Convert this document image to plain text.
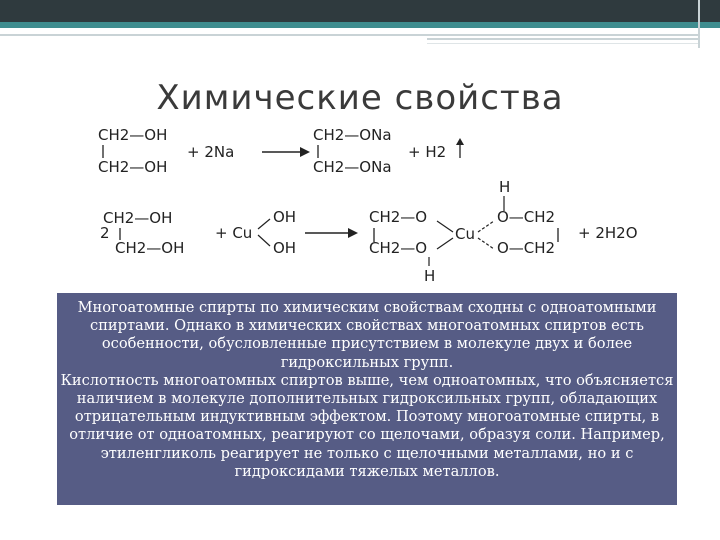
Химические свойства
CH2—OH
CH2—OH
+ 2Na
CH2—ONa
CH2—ONa
+ H2
CH2—OH
2
CH2—OH
+ Cu
OH
OH
CH2—O
CH2—O
Cu
H
O—CH2
O—CH2
H
+ 2H2O

Многоатомные спирты по химическим свойствам сходны с одноатомными спиртами. Однако в химических свойствах многоатомных спиртов есть особенности, обусловленные присутствием в молекуле двух и более гидроксильных групп.

Кислотность многоатомных спиртов выше, чем одноатомных, что объясняется наличием в молекуле дополнительных гидроксильных групп, обладающих отрицательным индуктивным эффектом. Поэтому многоатомные спирты, в отличие от одноатомных, реагируют со щелочами, образуя соли. Например, этиленгликоль реагирует не только с щелочными металлами, но и с гидроксидами тяжелых металлов.
